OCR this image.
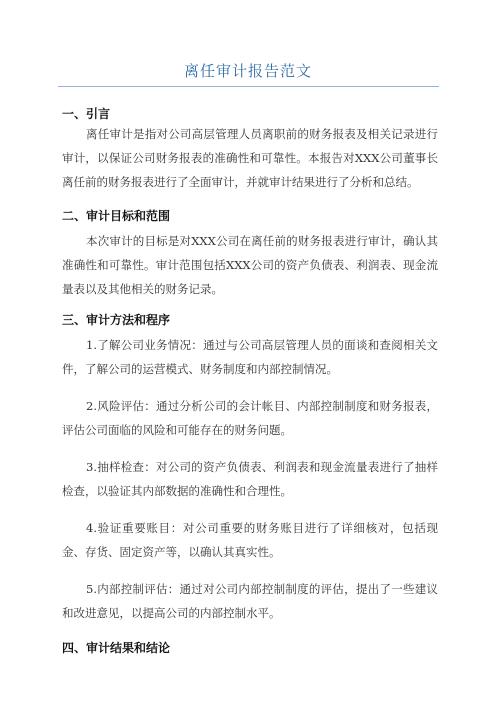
离任审计报告范文
一、引言

离任审计是指对公司高层管理人员离职前的财务报表及相关记录进行审计，以保证公司财务报表的准确性和可靠性。本报告对XXX公司董事长离任前的财务报表进行了全面审计，并就审计结果进行了分析和总结。

二、审计目标和范围

本次审计的目标是对XXX公司在离任前的财务报表进行审计，确认其准确性和可靠性。审计范围包括XXX公司的资产负债表、利润表、现金流量表以及其他相关的财务记录。

三、审计方法和程序

1.了解公司业务情况：通过与公司高层管理人员的面谈和查阅相关文件，了解公司的运营模式、财务制度和内部控制情况。

2.风险评估：通过分析公司的会计帐目、内部控制制度和财务报表，评估公司面临的风险和可能存在的财务问题。

3.抽样检查：对公司的资产负债表、利润表和现金流量表进行了抽样检查，以验证其内部数据的准确性和合理性。

4.验证重要账目：对公司重要的财务账目进行了详细核对，包括现金、存货、固定资产等，以确认其真实性。

5.内部控制评估：通过对公司内部控制制度的评估，提出了一些建议和改进意见，以提高公司的内部控制水平。

四、审计结果和结论
